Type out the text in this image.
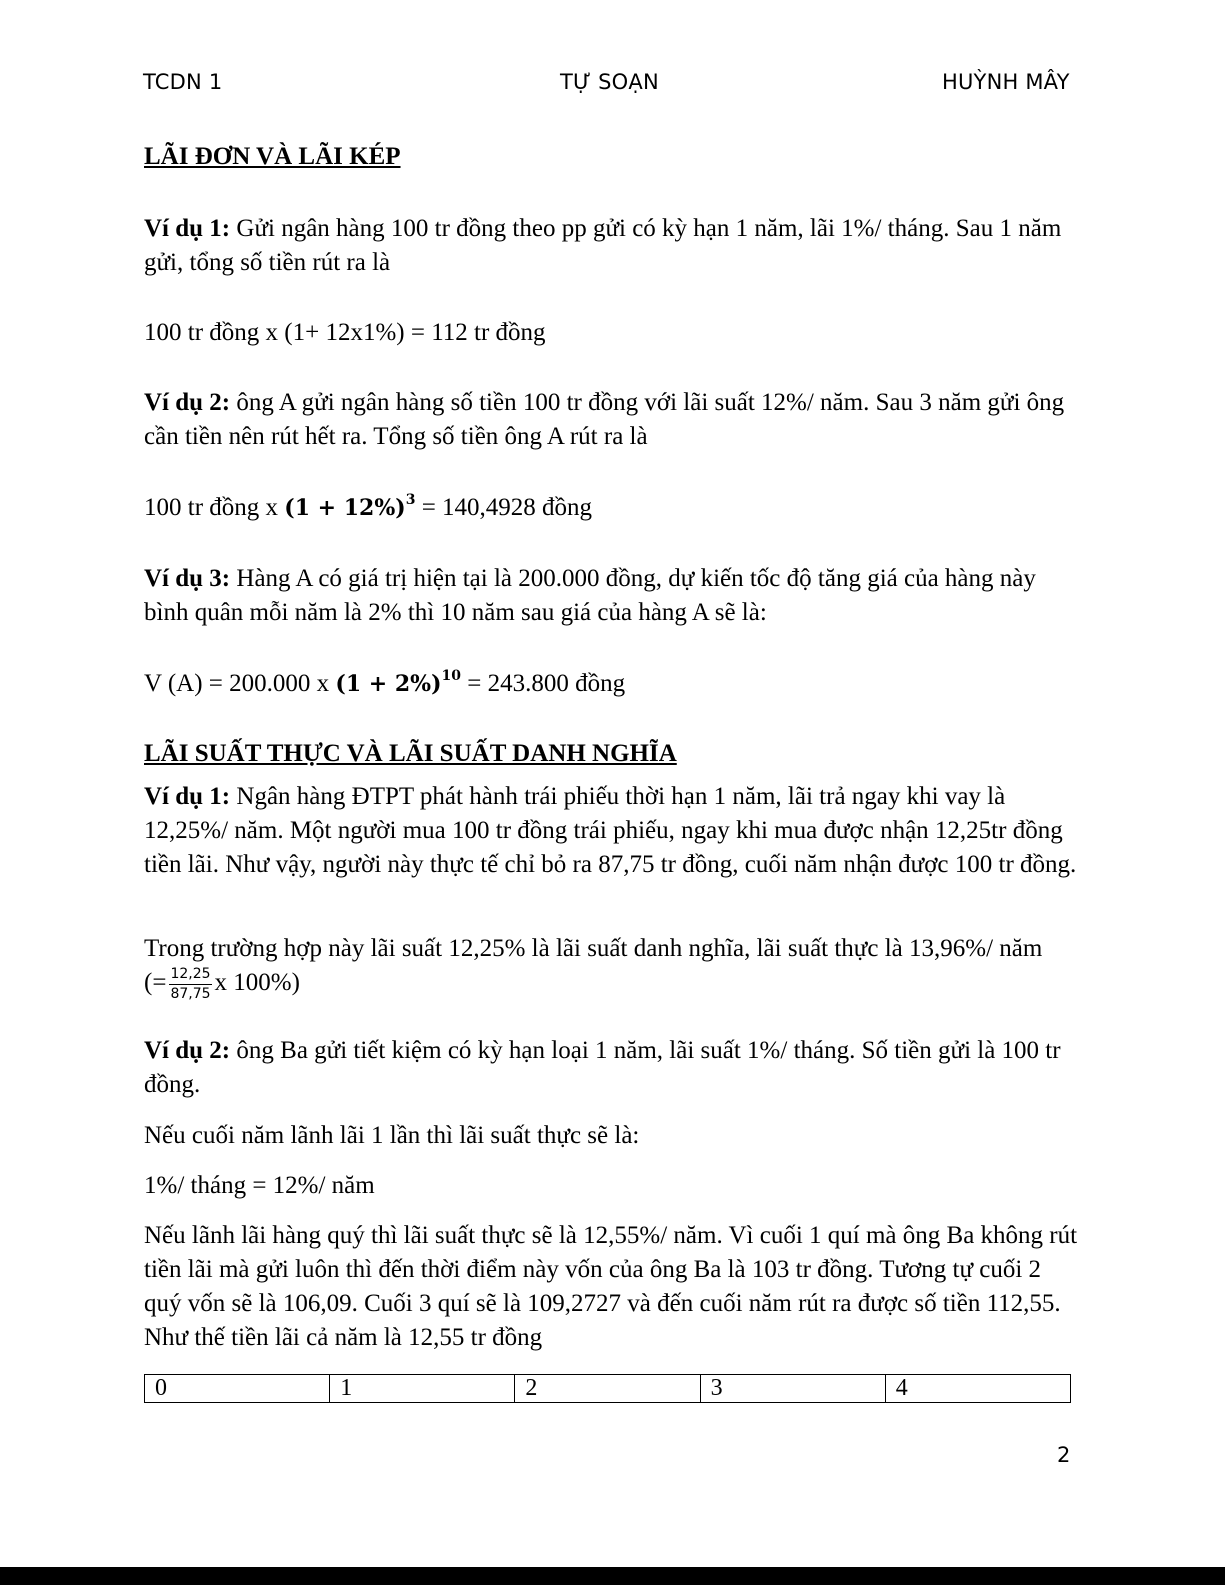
TCDN 1	TỰ SOẠN	HUỲNH MÂY

LÃI ĐƠN VÀ LÃI KÉP

Ví dụ 1: Gửi ngân hàng 100 tr đồng theo pp gửi có kỳ hạn 1 năm, lãi 1%/ tháng. Sau 1 năm gửi, tổng số tiền rút ra là

100 tr đồng x (1+ 12x1%) = 112 tr đồng

Ví dụ 2: ông A gửi ngân hàng số tiền 100 tr đồng với lãi suất 12%/ năm. Sau 3 năm gửi ông cần tiền nên rút hết ra. Tổng số tiền ông A rút ra là

100 tr đồng x $(1 + 12\%)^3 = 140,4928$ đồng

Ví dụ 3: Hàng A có giá trị hiện tại là 200.000 đồng, dự kiến tốc độ tăng giá của hàng này bình quân mỗi năm là 2% thì 10 năm sau giá của hàng A sẽ là:

V (A) = 200.000 x $(1 + 2\%)^{10} = 243.800$ đồng

LÃI SUẤT THỰC VÀ LÃI SUẤT DANH NGHĨA

Ví dụ 1: Ngân hàng ĐTPT phát hành trái phiếu thời hạn 1 năm, lãi trả ngay khi vay là 12,25%/ năm. Một người mua 100 tr đồng trái phiếu, ngay khi mua được nhận 12,25tr đồng tiền lãi. Như vậy, người này thực tế chỉ bỏ ra 87,75 tr đồng, cuối năm nhận được 100 tr đồng.

Trong trường hợp này lãi suất 12,25% là lãi suất danh nghĩa, lãi suất thực là 13,96%/ năm

(= $\frac{12,25}{87,75}$ x 100%)

Ví dụ 2: ông Ba gửi tiết kiệm có kỳ hạn loại 1 năm, lãi suất 1%/ tháng. Số tiền gửi là 100 tr đồng.

Nếu cuối năm lãnh lãi 1 lần thì lãi suất thực sẽ là:

1%/ tháng = 12%/ năm

Nếu lãnh lãi hàng quý thì lãi suất thực sẽ là 12,55%/ năm. Vì cuối 1 quí mà ông Ba không rút tiền lãi mà gửi luôn thì đến thời điểm này vốn của ông Ba là 103 tr đồng. Tương tự cuối 2 quý vốn sẽ là 106,09. Cuối 3 quí sẽ là 109,2727 và đến cuối năm rút ra được số tiền 112,55. Như thế tiền lãi cả năm là 12,55 tr đồng

0	1	2	3	4
2
